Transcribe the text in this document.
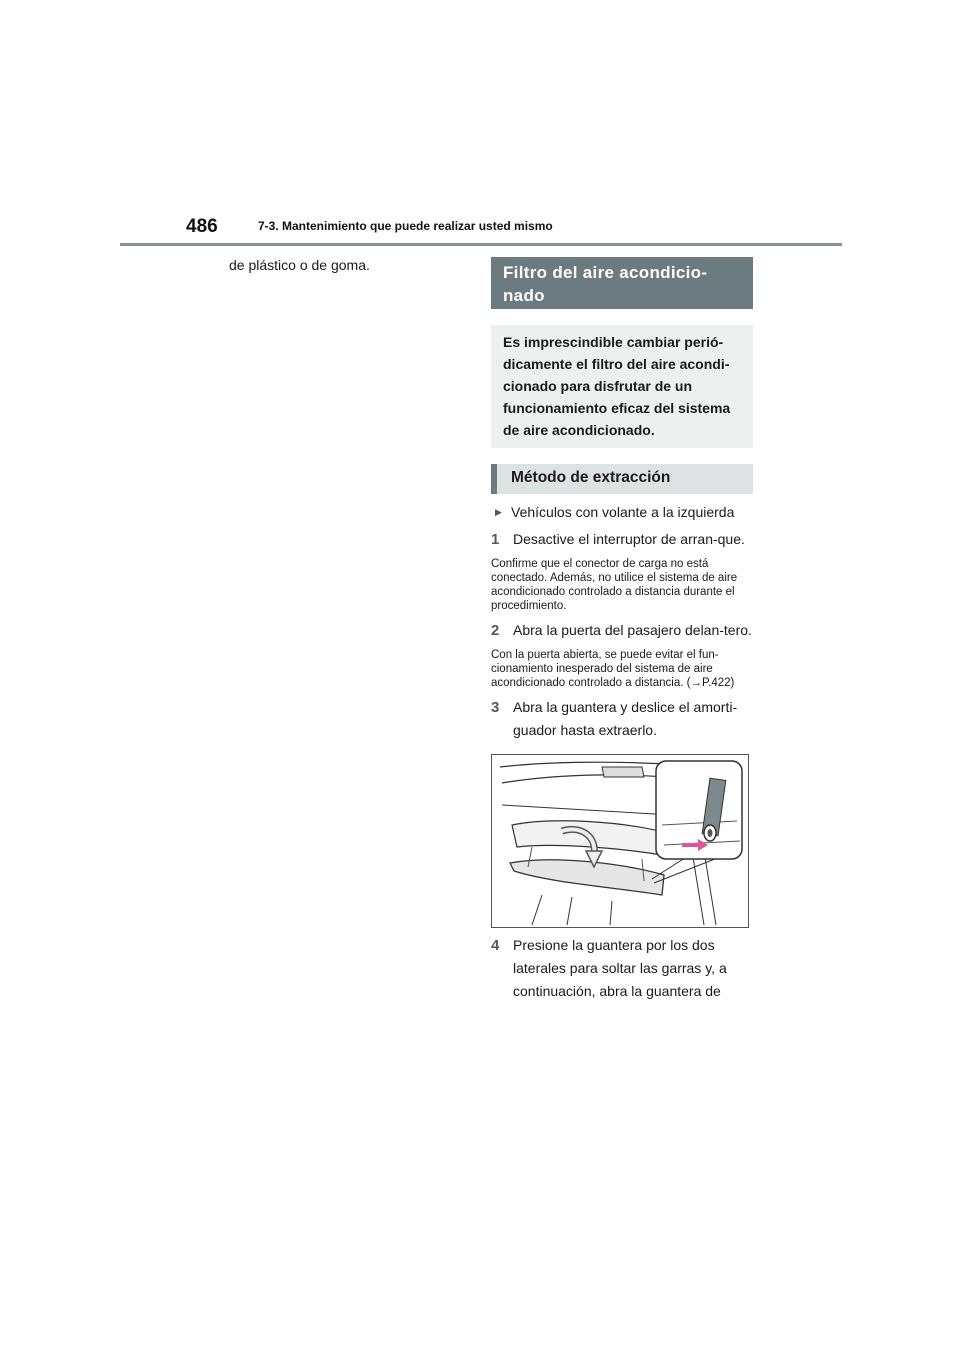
486	7-3. Mantenimiento que puede realizar usted mismo
de plástico o de goma.	Filtro del aire acondicio-nado
Es imprescindible cambiar perió-dicamente el filtro del aire acondi-cionado para disfrutar de un funcionamiento eficaz del sistema de aire acondicionado.
Método de extracción
▶ Vehículos con volante a la izquierda
1 Desactive el interruptor de arran-que.
Confirme que el conector de carga no está conectado. Además, no utilice el sistema de aire acondicionado controlado a distancia durante el procedimiento.
2 Abra la puerta del pasajero delan-tero.
Con la puerta abierta, se puede evitar el fun-cionamiento inesperado del sistema de aire acondicionado controlado a distancia. (→P.422)
3 Abra la guantera y deslice el amorti-guador hasta extraerlo.
4 Presione la guantera por los dos laterales para soltar las garras y, a continuación, abra la guantera de
